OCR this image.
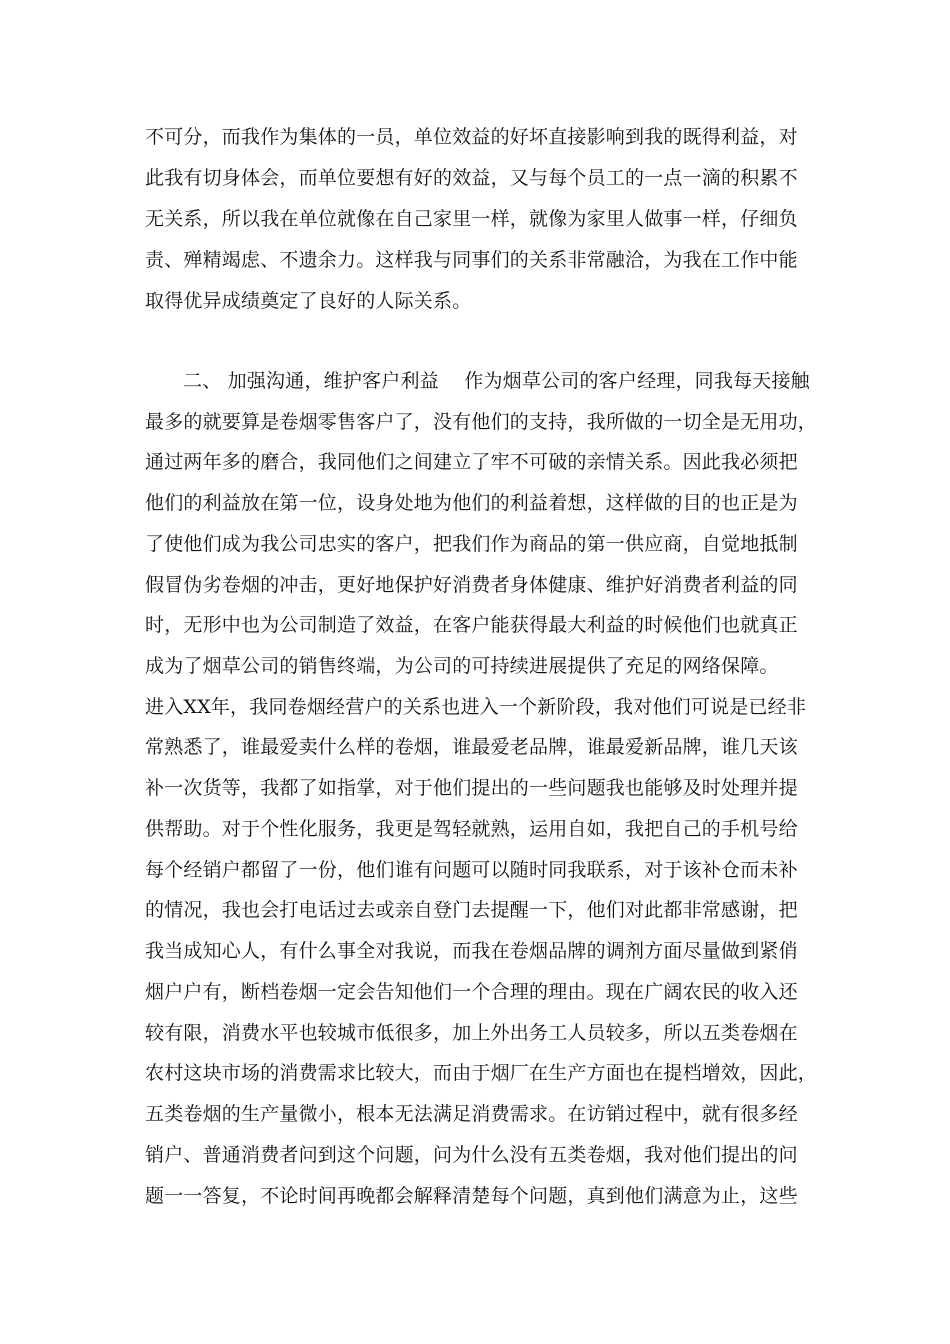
不可分，而我作为集体的一员，单位效益的好坏直接影响到我的既得利益，对
此我有切身体会，而单位要想有好的效益，又与每个员工的一点一滴的积累不
无关系，所以我在单位就像在自己家里一样，就像为家里人做事一样，仔细负
责、殚精竭虑、不遗余力。这样我与同事们的关系非常融洽，为我在工作中能
取得优异成绩奠定了良好的人际关系。
二、 加强沟通，维护客户利益　 作为烟草公司的客户经理，同我每天接触
最多的就要算是卷烟零售客户了，没有他们的支持，我所做的一切全是无用功，
通过两年多的磨合，我同他们之间建立了牢不可破的亲情关系。因此我必须把
他们的利益放在第一位，设身处地为他们的利益着想，这样做的目的也正是为
了使他们成为我公司忠实的客户，把我们作为商品的第一供应商，自觉地抵制
假冒伪劣卷烟的冲击，更好地保护好消费者身体健康、维护好消费者利益的同
时，无形中也为公司制造了效益，在客户能获得最大利益的时候他们也就真正
成为了烟草公司的销售终端，为公司的可持续进展提供了充足的网络保障。
进入XX年，我同卷烟经营户的关系也进入一个新阶段，我对他们可说是已经非
常熟悉了，谁最爱卖什么样的卷烟，谁最爱老品牌，谁最爱新品牌，谁几天该
补一次货等，我都了如指掌，对于他们提出的一些问题我也能够及时处理并提
供帮助。对于个性化服务，我更是驾轻就熟，运用自如，我把自己的手机号给
每个经销户都留了一份，他们谁有问题可以随时同我联系，对于该补仓而未补
的情况，我也会打电话过去或亲自登门去提醒一下，他们对此都非常感谢，把
我当成知心人，有什么事全对我说，而我在卷烟品牌的调剂方面尽量做到紧俏
烟户户有，断档卷烟一定会告知他们一个合理的理由。现在广阔农民的收入还
较有限，消费水平也较城市低很多，加上外出务工人员较多，所以五类卷烟在
农村这块市场的消费需求比较大，而由于烟厂在生产方面也在提档增效，因此，
五类卷烟的生产量微小，根本无法满足消费需求。在访销过程中，就有很多经
销户、普通消费者问到这个问题，问为什么没有五类卷烟，我对他们提出的问
题一一答复，不论时间再晚都会解释清楚每个问题，真到他们满意为止，这些
